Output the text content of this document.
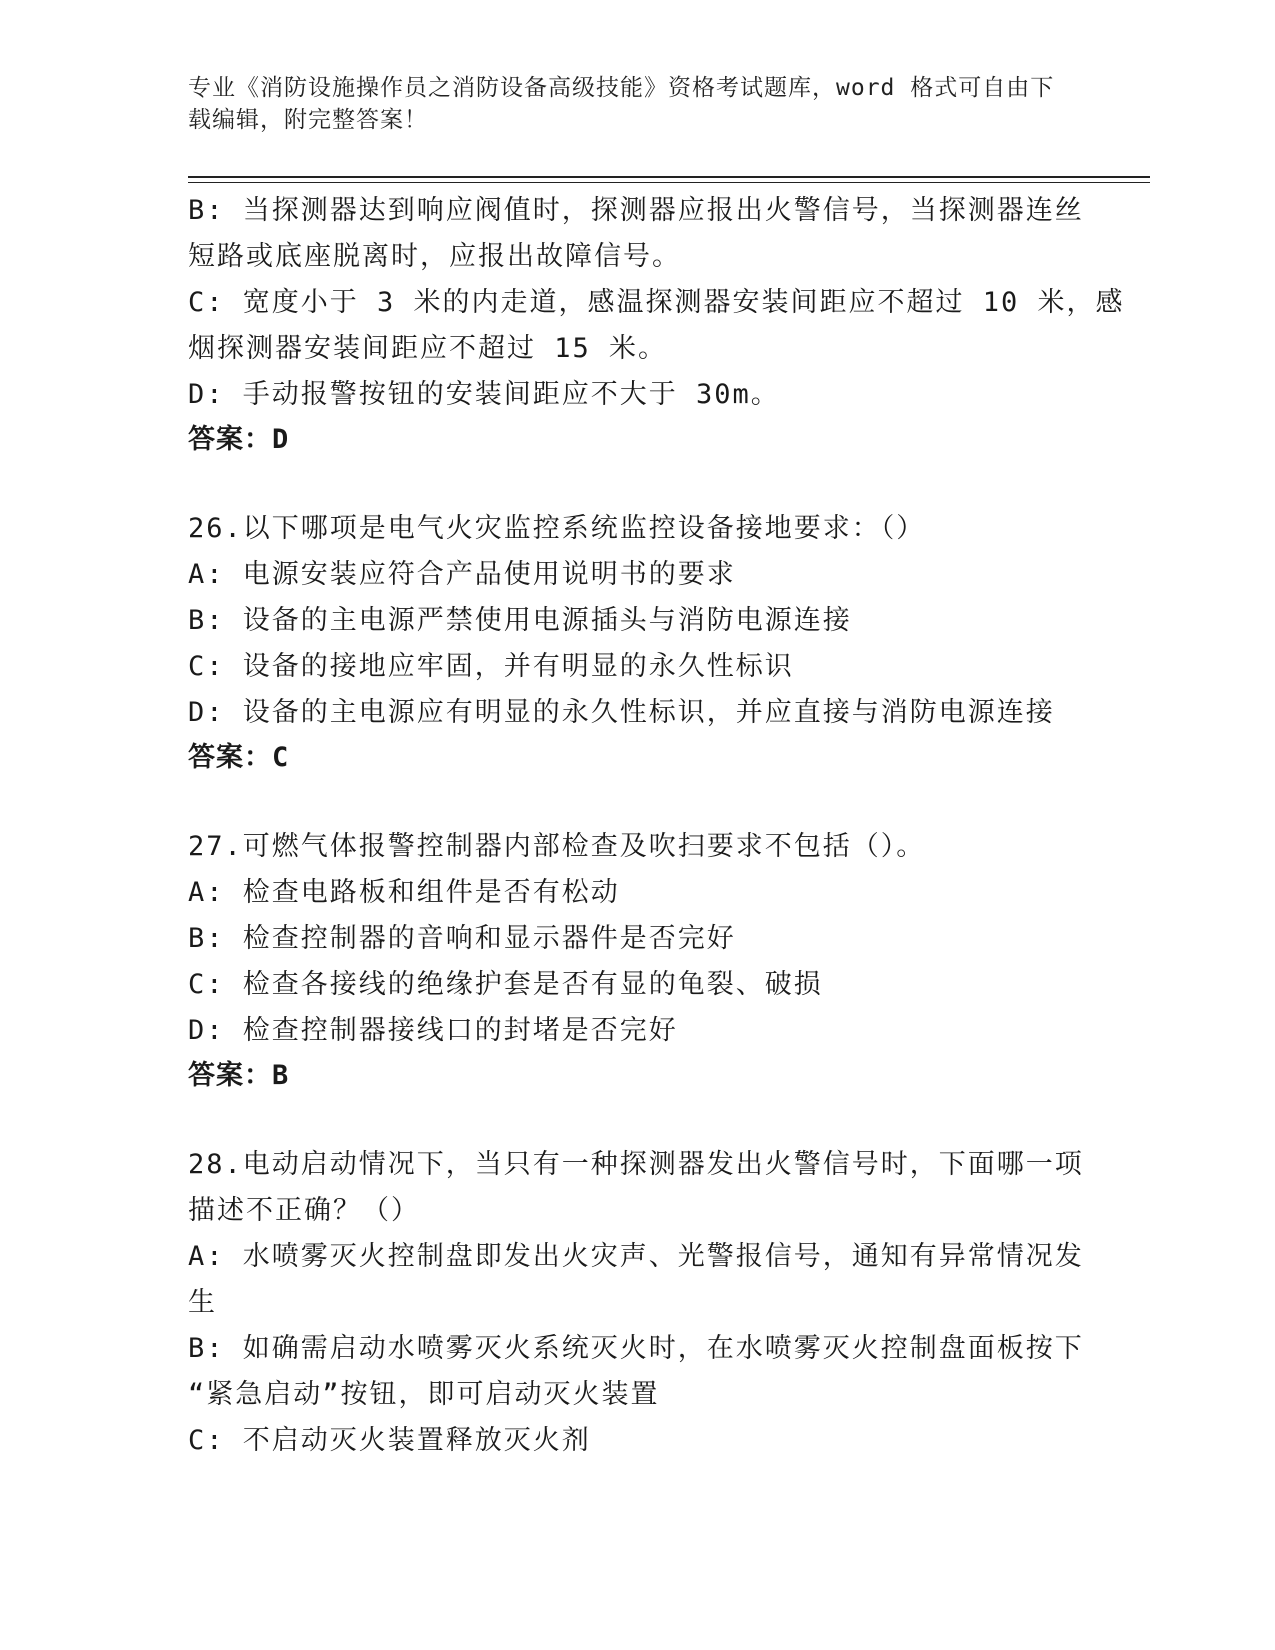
专业《消防设施操作员之消防设备高级技能》资格考试题库，word 格式可自由下
载编辑，附完整答案！
B: 当探测器达到响应阀值时，探测器应报出火警信号，当探测器连丝
短路或底座脱离时，应报出故障信号。
C: 宽度小于 3 米的内走道，感温探测器安装间距应不超过 10 米，感
烟探测器安装间距应不超过 15 米。
D: 手动报警按钮的安装间距应不大于 30m。
答案：D
26.以下哪项是电气火灾监控系统监控设备接地要求：（）
A: 电源安装应符合产品使用说明书的要求
B: 设备的主电源严禁使用电源插头与消防电源连接
C: 设备的接地应牢固，并有明显的永久性标识
D: 设备的主电源应有明显的永久性标识，并应直接与消防电源连接
答案：C
27.可燃气体报警控制器内部检查及吹扫要求不包括（）。
A: 检查电路板和组件是否有松动
B: 检查控制器的音响和显示器件是否完好
C: 检查各接线的绝缘护套是否有显的龟裂、破损
D: 检查控制器接线口的封堵是否完好
答案：B
28.电动启动情况下，当只有一种探测器发出火警信号时，下面哪一项
描述不正确？（）
A: 水喷雾灭火控制盘即发出火灾声、光警报信号，通知有异常情况发
生
B: 如确需启动水喷雾灭火系统灭火时，在水喷雾灭火控制盘面板按下
“紧急启动”按钮，即可启动灭火装置
C: 不启动灭火装置释放灭火剂
